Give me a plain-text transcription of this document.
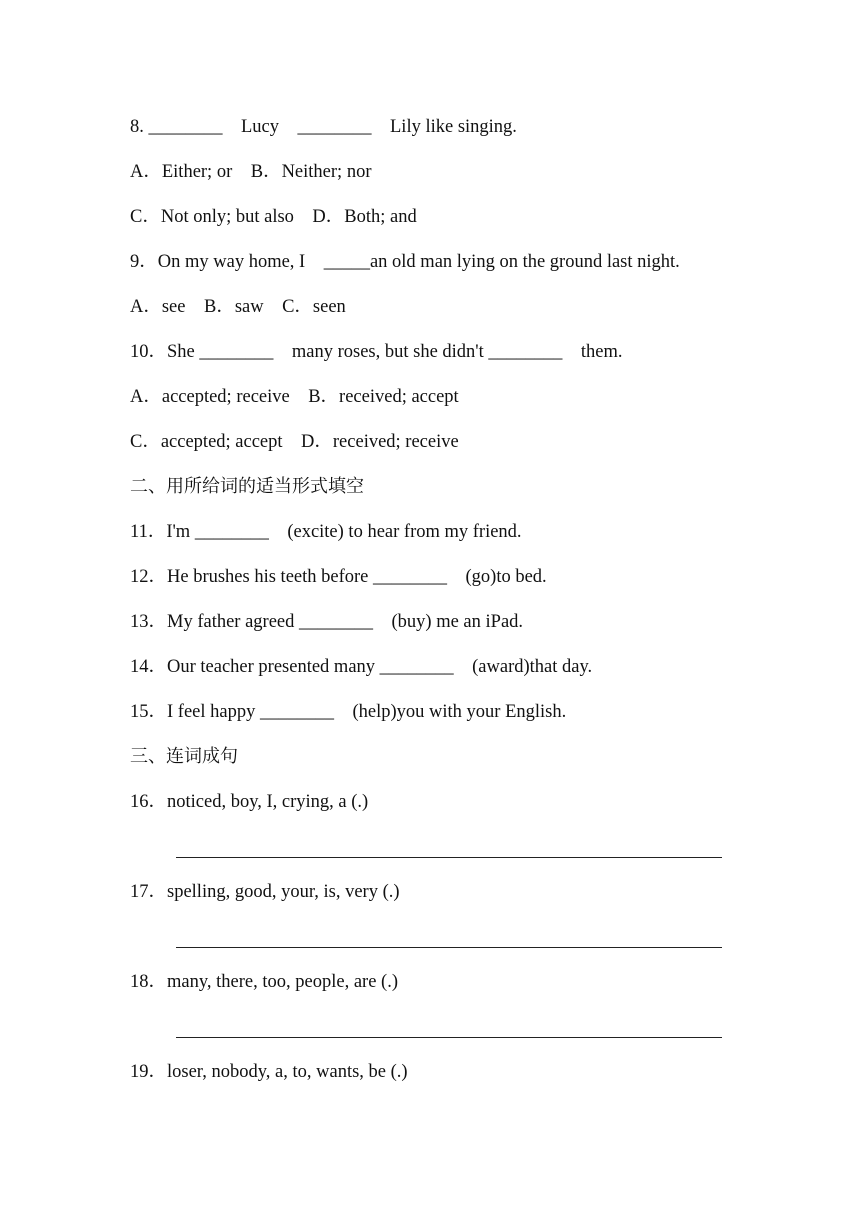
8. ________    Lucy    ________    Lily like singing.
A．Either; or    B．Neither; nor
C．Not only; but also    D．Both; and
9．On my way home, I    _____an old man lying on the ground last night.
A．see    B．saw    C．seen
10．She ________    many roses, but she didn't ________    them.
A．accepted; receive    B．received; accept
C．accepted; accept    D．received; receive
二、用所给词的适当形式填空
11．I'm ________    (excite) to hear from my friend.
12．He brushes his teeth before ________    (go)to bed.
13．My father agreed ________    (buy) me an iPad.
14．Our teacher presented many ________    (award)that day.
15．I feel happy ________    (help)you with your English.
三、连词成句
16．noticed, boy, I, crying, a (.)
17．spelling, good, your, is, very (.)
18．many, there, too, people, are (.)
19．loser, nobody, a, to, wants, be (.)
